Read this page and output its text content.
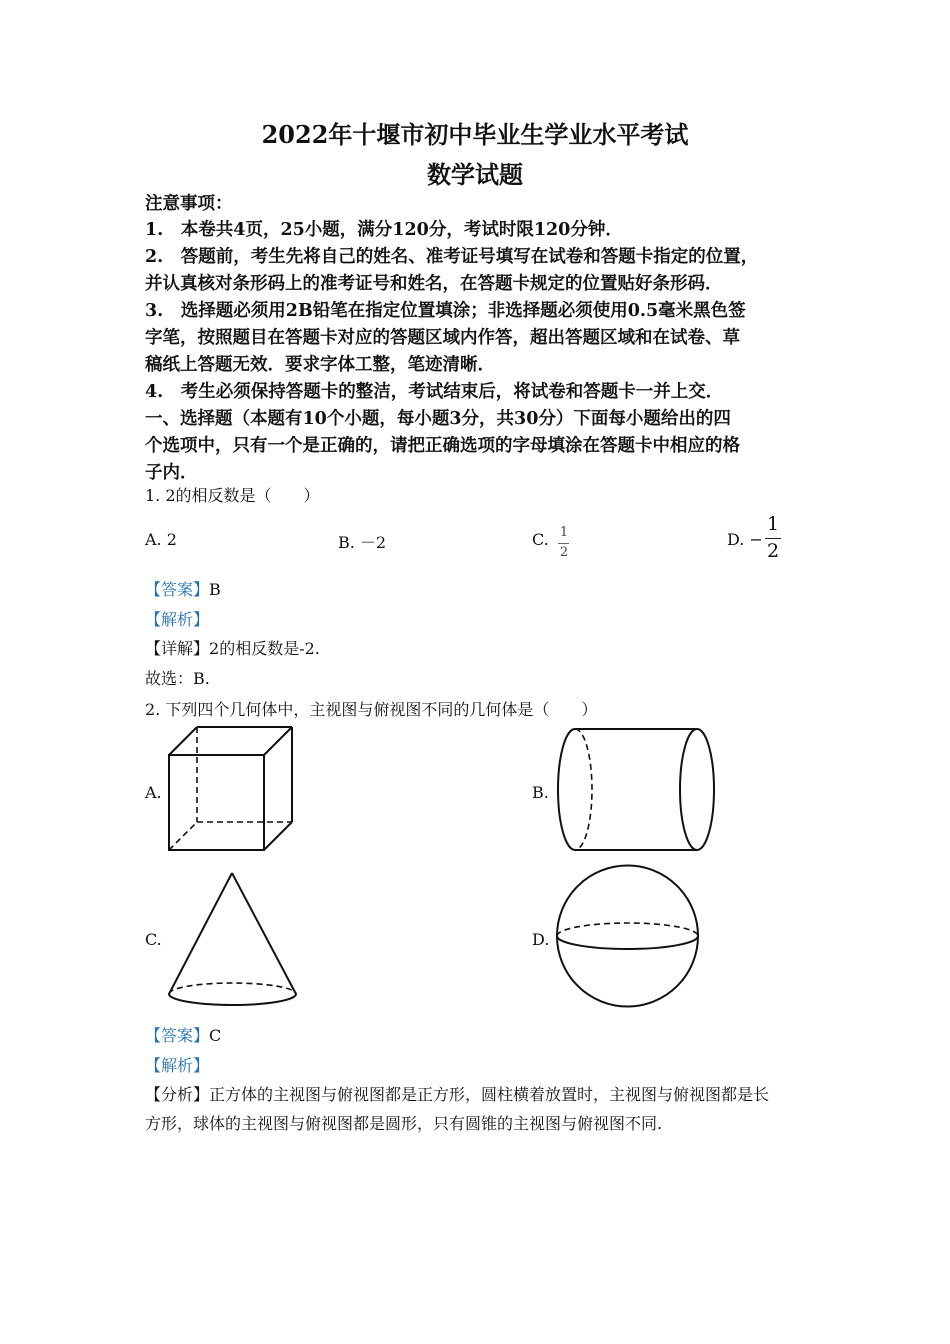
2022年十堰市初中毕业生学业水平考试
数学试题
注意事项：
1.　本卷共4页，25小题，满分120分，考试时限120分钟．
2.　答题前，考生先将自己的姓名、准考证号填写在试卷和答题卡指定的位置，
并认真核对条形码上的准考证号和姓名，在答题卡规定的位置贴好条形码．
3.　选择题必须用2B铅笔在指定位置填涂；非选择题必须使用0.5毫米黑色签
字笔，按照题目在答题卡对应的答题区域内作答，超出答题区域和在试卷、草
稿纸上答题无效．要求字体工整，笔迹清晰．
4.　考生必须保持答题卡的整洁，考试结束后，将试卷和答题卡一并上交．
一、选择题（本题有10个小题，每小题3分，共30分）下面每小题给出的四
个选项中，只有一个是正确的，请把正确选项的字母填涂在答题卡中相应的格
子内．
1. 2的相反数是（　　）
A. 2	B. －2	C. 1
2
D. −
1
2
【答案】B
【解析】
【详解】2的相反数是-2.
故选：B.
2. 下列四个几何体中，主视图与俯视图不同的几何体是（　　）
A.	B.
C.	D.
【答案】C
【解析】
【分析】正方体的主视图与俯视图都是正方形，圆柱横着放置时，主视图与俯视图都是长
方形，球体的主视图与俯视图都是圆形，只有圆锥的主视图与俯视图不同.
